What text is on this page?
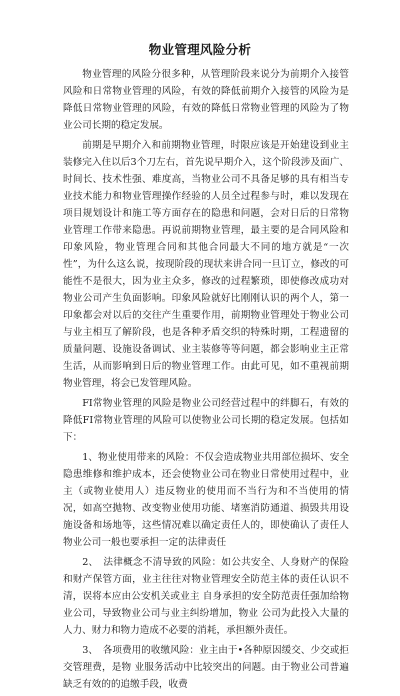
物业管理风险分析

物业管理的风险分很多种，从管理阶段来说分为前期介入接管风险和日常物业管理的风险，有效的降低前期介入接管的风险为是降低日常物业管理的风险，有效的降低日常物业管理的风险为了物业公司长期的稳定发展。

前期是早期介入和前期物业管理，时限应该是开始建设到业主装修完入住以后3个刀左右，首先说早期介入，这个阶段涉及面广、时间长、技术性强、难度高，当物业公司不具备足够的具有相当专业技术能力和物业管理操作经验的人员全过程参与时，难以发现在项目规划设计和施工等方面存在的隐患和问题，会对日后的日常物业管理工作带来隐患。再说前期物业管理，最主要的是合同风险和印象风险，物业管理合同和其他合同最大不同的地方就是“一次性”，为什么这么说，按现阶段的现状来讲合同一旦订立，修改的可能性不是很大，因为业主众多，修改的过程繁琐，即使修改成功对物业公司产生负面影响。印象风险就好比刚刚认识的两个人，第一印象都会对以后的交往产生重要作用，前期物业管理处于物业公司与业主相互了解阶段，也是各种矛盾交织的特殊时期，工程遗留的质量问题、设施设备调试、业主装修等等问题，都会影响业主正常生活，从而影响到日后的物业管理工作。由此可见，如不重视前期物业管理，将会已发管理风险。

FI常物业管理的风险是物业公司经营过程中的绊脚石，有效的降低FI常物业管理的风险可以使物业公司长期的稳定发展。包括如下：

1、物业使用带来的风险：不仅会造成物业共用部位损坏、安全隐患维修和维护成本，还会使物业公司在物业日常使用过程中，业主（或物业使用人）违反物业的使用而不当行为和不当使用的情况，如高空抛物、改变物业使用功能、堵塞消防通道、损毁共用设施设备和场地等，这些情况难以确定责任人的，即使确认了责任人物业公司一般也要承担一定的法律责任

2、　法律概念不清导致的风险：如公共安全、人身财产的保险和财产保管方面，业主往往对物业管理安全防范主体的责任认识不清，误将本应由公安机关或业主 自身承担的安全防范责任强加给物业公司，导致物业公司与业主纠纷增加，物业 公司为此投入大量的人力、财力和物力造成不必要的消耗，承担额外责任。

3、　各项费用的收缴风险：业主由于•各种原因缓交、少交或拒交管理费，是物 业服务活动中比较突出的问题。由于物业公司普遍缺乏有效的的追缴手段，收费
